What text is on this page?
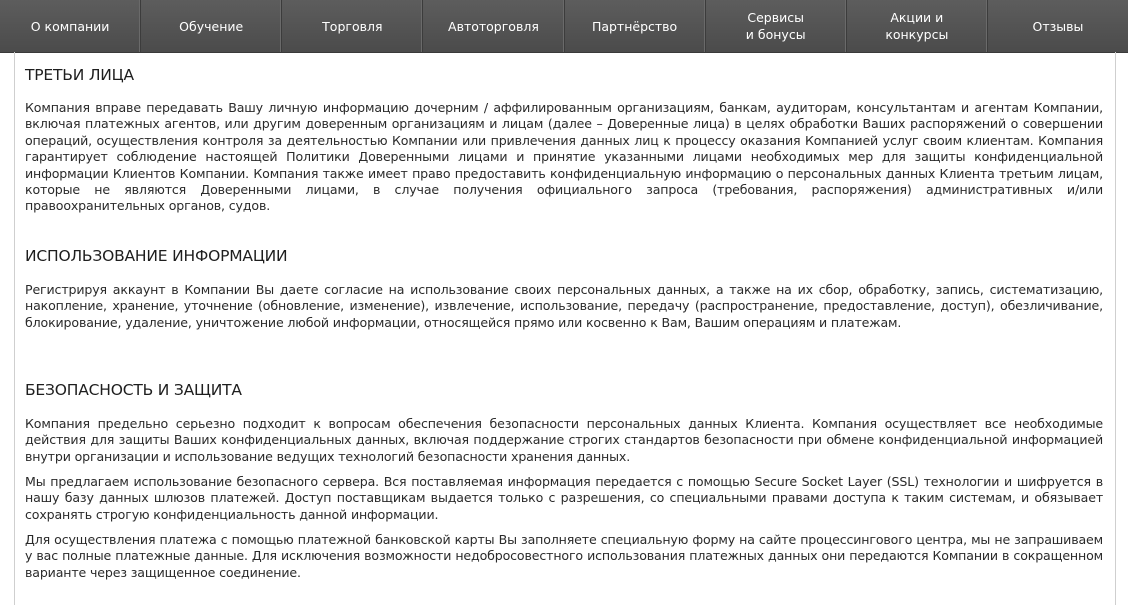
О компании	Обучение	Торговля	Автоторговля	Партнёрство
Сервисы
и бонусы
Акции и
конкурсы
Отзывы
ТРЕТЬИ ЛИЦА

Компания вправе передавать Вашу личную информацию дочерним / аффилированным организациям, банкам, аудиторам, консультантам и агентам Компании, включая платежных агентов, или другим доверенным организациям и лицам (далее – Доверенные лица) в целях обработки Ваших распоряжений о совершении операций, осуществления контроля за деятельностью Компании или привлечения данных лиц к процессу оказания Компанией услуг своим клиентам. Компания гарантирует соблюдение настоящей Политики Доверенными лицами и принятие указанными лицами необходимых мер для защиты конфиденциальной информации Клиентов Компании. Компания также имеет право предоставить конфиденциальную информацию о персональных данных Клиента третьим лицам, которые не являются Доверенными лицами, в случае получения официального запроса (требования, распоряжения) административных и/или правоохранительных органов, судов.

ИСПОЛЬЗОВАНИЕ ИНФОРМАЦИИ

Регистрируя аккаунт в Компании Вы даете согласие на использование своих персональных данных, а также на их сбор, обработку, запись, систематизацию, накопление, хранение, уточнение (обновление, изменение), извлечение, использование, передачу (распространение, предоставление, доступ), обезличивание, блокирование, удаление, уничтожение любой информации, относящейся прямо или косвенно к Вам, Вашим операциям и платежам.

БЕЗОПАСНОСТЬ И ЗАЩИТА

Компания предельно серьезно подходит к вопросам обеспечения безопасности персональных данных Клиента. Компания осуществляет все необходимые действия для защиты Ваших конфиденциальных данных, включая поддержание строгих стандартов безопасности при обмене конфиденциальной информацией внутри организации и использование ведущих технологий безопасности хранения данных.

Мы предлагаем использование безопасного сервера. Вся поставляемая информация передается с помощью Secure Socket Layer (SSL) технологии и шифруется в нашу базу данных шлюзов платежей. Доступ поставщикам выдается только с разрешения, со специальными правами доступа к таким системам, и обязывает сохранять строгую конфиденциальность данной информации.

Для осуществления платежа с помощью платежной банковской карты Вы заполняете специальную форму на сайте процессингового центра, мы не запрашиваем у вас полные платежные данные. Для исключения возможности недобросовестного использования платежных данных они передаются Компании в сокращенном варианте через защищенное соединение.
